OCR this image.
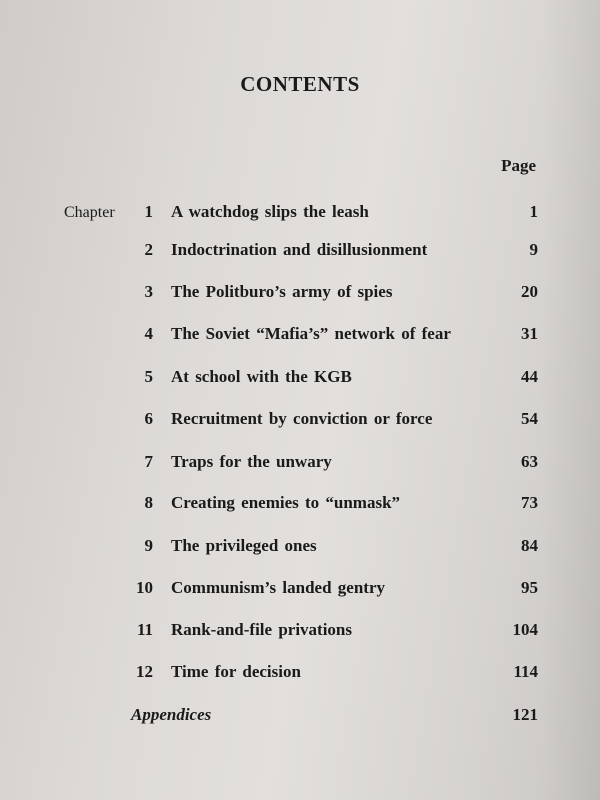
CONTENTS
Page
Chapter	1 A watchdog slips the leash	1
2 Indoctrination and disillusionment	9
3 The Politburo’s army of spies	20
4 The Soviet “Mafia’s” network of fear	31
5 At school with the KGB	44
6 Recruitment by conviction or force	54
7 Traps for the unwary	63
8 Creating enemies to “unmask”	73
9 The privileged ones	84
10 Communism’s landed gentry	95
11 Rank-and-file privations	104
12 Time for decision	114
Appendices	121
